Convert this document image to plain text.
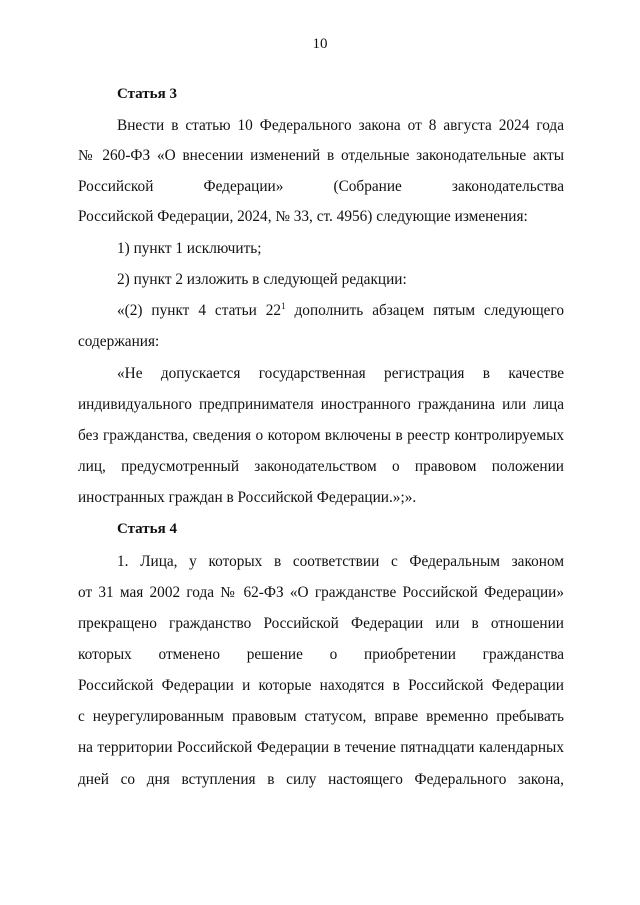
10
Статья 3
Внести в статью 10 Федерального закона от 8 августа 2024 года
№ 260-ФЗ «О внесении изменений в отдельные законодательные акты
Российской Федерации» (Собрание законодательства
Российской Федерации, 2024, № 33, ст. 4956) следующие изменения:
1) пункт 1 исключить;
2) пункт 2 изложить в следующей редакции:
«(2) пункт 4 статьи $22^1$ дополнить абзацем пятым следующего
содержания:
«Не допускается государственная регистрация в качестве
индивидуального предпринимателя иностранного гражданина или лица
без гражданства, сведения о котором включены в реестр контролируемых
лиц, предусмотренный законодательством о правовом положении
иностранных граждан в Российской Федерации.»;».
Статья 4
1. Лица, у которых в соответствии с Федеральным законом
от 31 мая 2002 года № 62-ФЗ «О гражданстве Российской Федерации»
прекращено гражданство Российской Федерации или в отношении
которых отменено решение о приобретении гражданства
Российской Федерации и которые находятся в Российской Федерации
с неурегулированным правовым статусом, вправе временно пребывать
на территории Российской Федерации в течение пятнадцати календарных
дней со дня вступления в силу настоящего Федерального закона,
